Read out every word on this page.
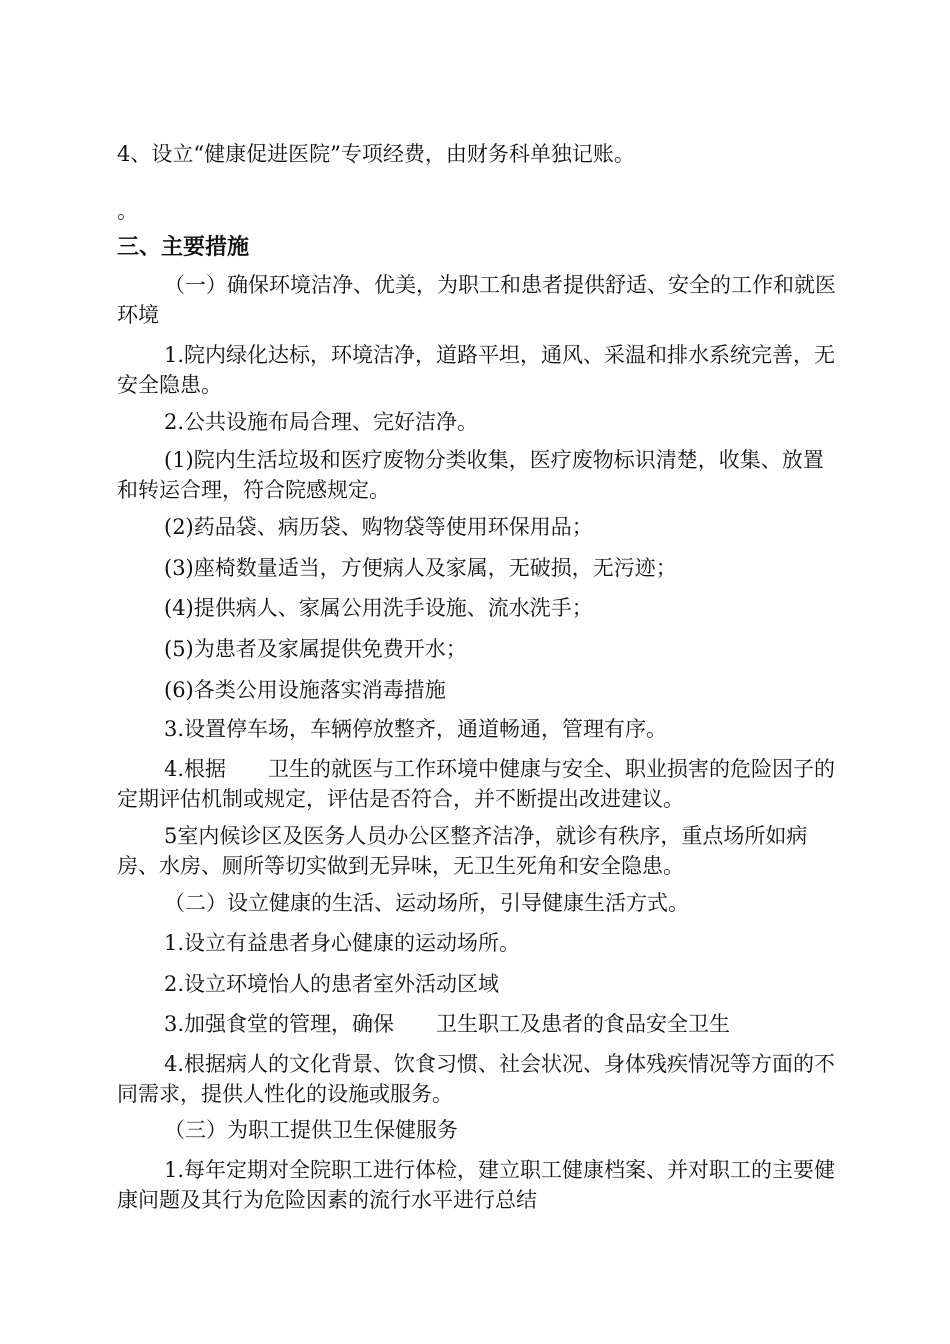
4、设立“健康促进医院”专项经费，由财务科单独记账。

。

三、主要措施

（一）确保环境洁净、优美，为职工和患者提供舒适、安全的工作和就医环境

1.院内绿化达标，环境洁净，道路平坦，通风、采温和排水系统完善，无安全隐患。

2.公共设施布局合理、完好洁净。

(1)院内生活垃圾和医疗废物分类收集，医疗废物标识清楚，收集、放置和转运合理，符合院感规定。

(2)药品袋、病历袋、购物袋等使用环保用品；

(3)座椅数量适当，方便病人及家属，无破损，无污迹；

(4)提供病人、家属公用洗手设施、流水洗手；

(5)为患者及家属提供免费开水；

(6)各类公用设施落实消毒措施

3.设置停车场，车辆停放整齐，通道畅通，管理有序。

4.根据　　卫生的就医与工作环境中健康与安全、职业损害的危险因子的定期评估机制或规定，评估是否符合，并不断提出改进建议。

5室内候诊区及医务人员办公区整齐洁净，就诊有秩序，重点场所如病房、水房、厕所等切实做到无异味，无卫生死角和安全隐患。

（二）设立健康的生活、运动场所，引导健康生活方式。

1.设立有益患者身心健康的运动场所。

2.设立环境怡人的患者室外活动区域

3.加强食堂的管理，确保　　卫生职工及患者的食品安全卫生

4.根据病人的文化背景、饮食习惯、社会状况、身体残疾情况等方面的不同需求，提供人性化的设施或服务。

（三）为职工提供卫生保健服务

1.每年定期对全院职工进行体检，建立职工健康档案、并对职工的主要健康问题及其行为危险因素的流行水平进行总结
